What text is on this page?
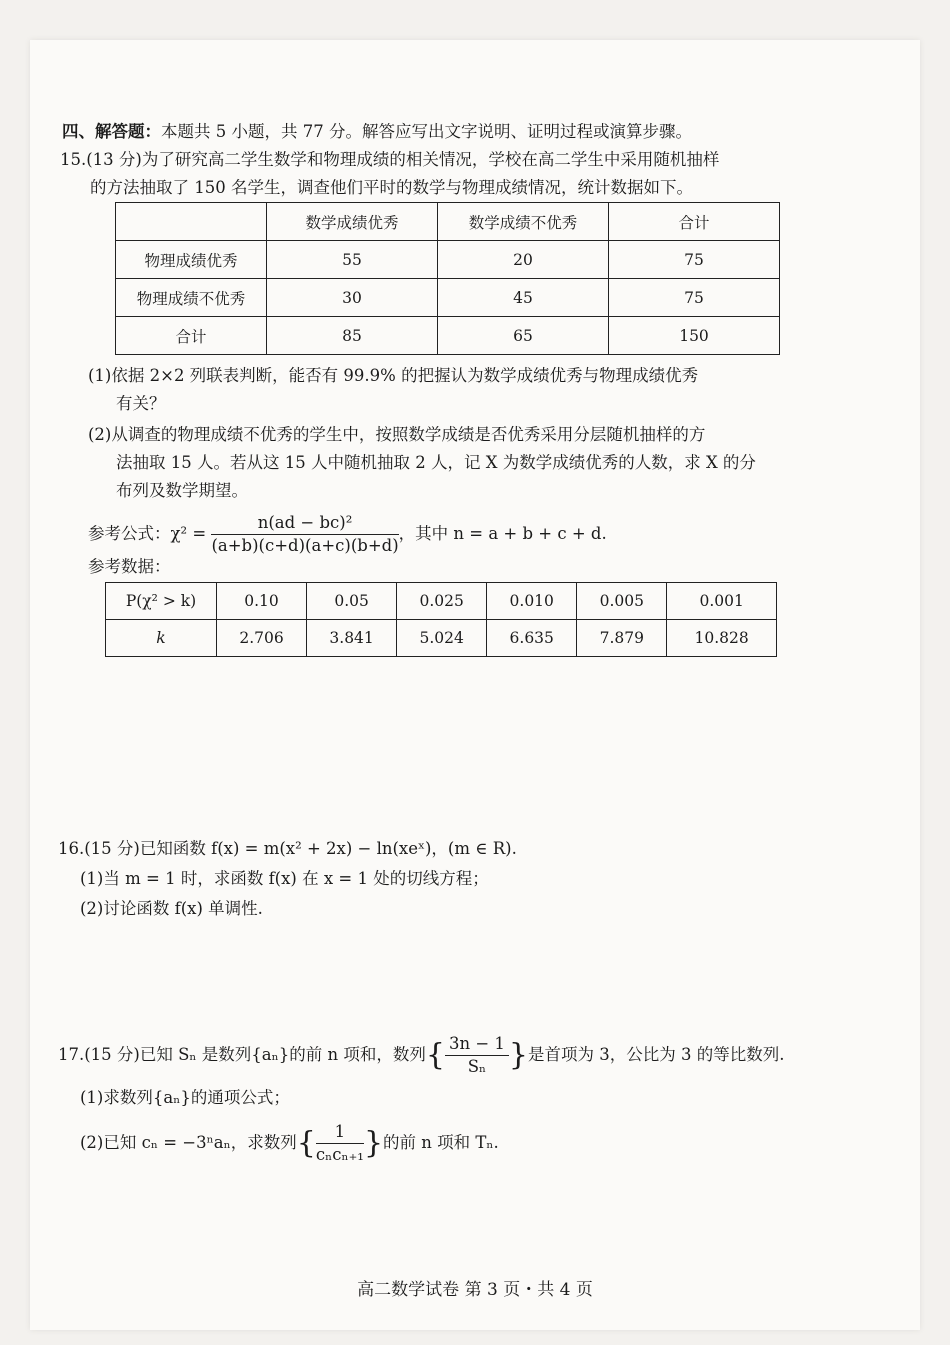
四、解答题：本题共 5 小题，共 77 分。解答应写出文字说明、证明过程或演算步骤。
15.(13 分)为了研究高二学生数学和物理成绩的相关情况，学校在高二学生中采用随机抽样
的方法抽取了 150 名学生，调查他们平时的数学与物理成绩情况，统计数据如下。
	数学成绩优秀	数学成绩不优秀	合计
物理成绩优秀	55	20	75
物理成绩不优秀	30	45	75
合计	85	65	150
(1)依据 2×2 列联表判断，能否有 99.9% 的把握认为数学成绩优秀与物理成绩优秀
有关？
(2)从调查的物理成绩不优秀的学生中，按照数学成绩是否优秀采用分层随机抽样的方
法抽取 15 人。若从这 15 人中随机抽取 2 人，记 X 为数学成绩优秀的人数，求 X 的分
布列及数学期望。
参考公式：$\chi^2 = \frac{\text{n(ad − bc)²}}{(a+b)(c+d)(a+c)(b+d)}$ ，其中 n = a + b + c + d.
参考数据：
P(χ² > k)	0.10	0.05	0.025	0.010	0.005	0.001
k	2.706	3.841	5.024	6.635	7.879	10.828
16.(15 分)已知函数 f(x) = m(x² + 2x) − ln(xeˣ)，(m ∈ R).
(1)当 m = 1 时，求函数 f(x) 在 x = 1 处的切线方程；
(2)讨论函数 f(x) 单调性.
17.(15 分)已知 Sₙ 是数列{aₙ}的前 n 项和，数列{ $\frac{3n - 1}{\text{Sₙ}}$ }是首项为 3，公比为 3 的等比数列.
(1)求数列{aₙ}的通项公式；
(2)已知 cₙ = −3ⁿaₙ，求数列{ $\frac{1}{\text{cₙcₙ₊₁}}$ }的前 n 项和 Tₙ.
高二数学试卷 第 3 页・共 4 页
